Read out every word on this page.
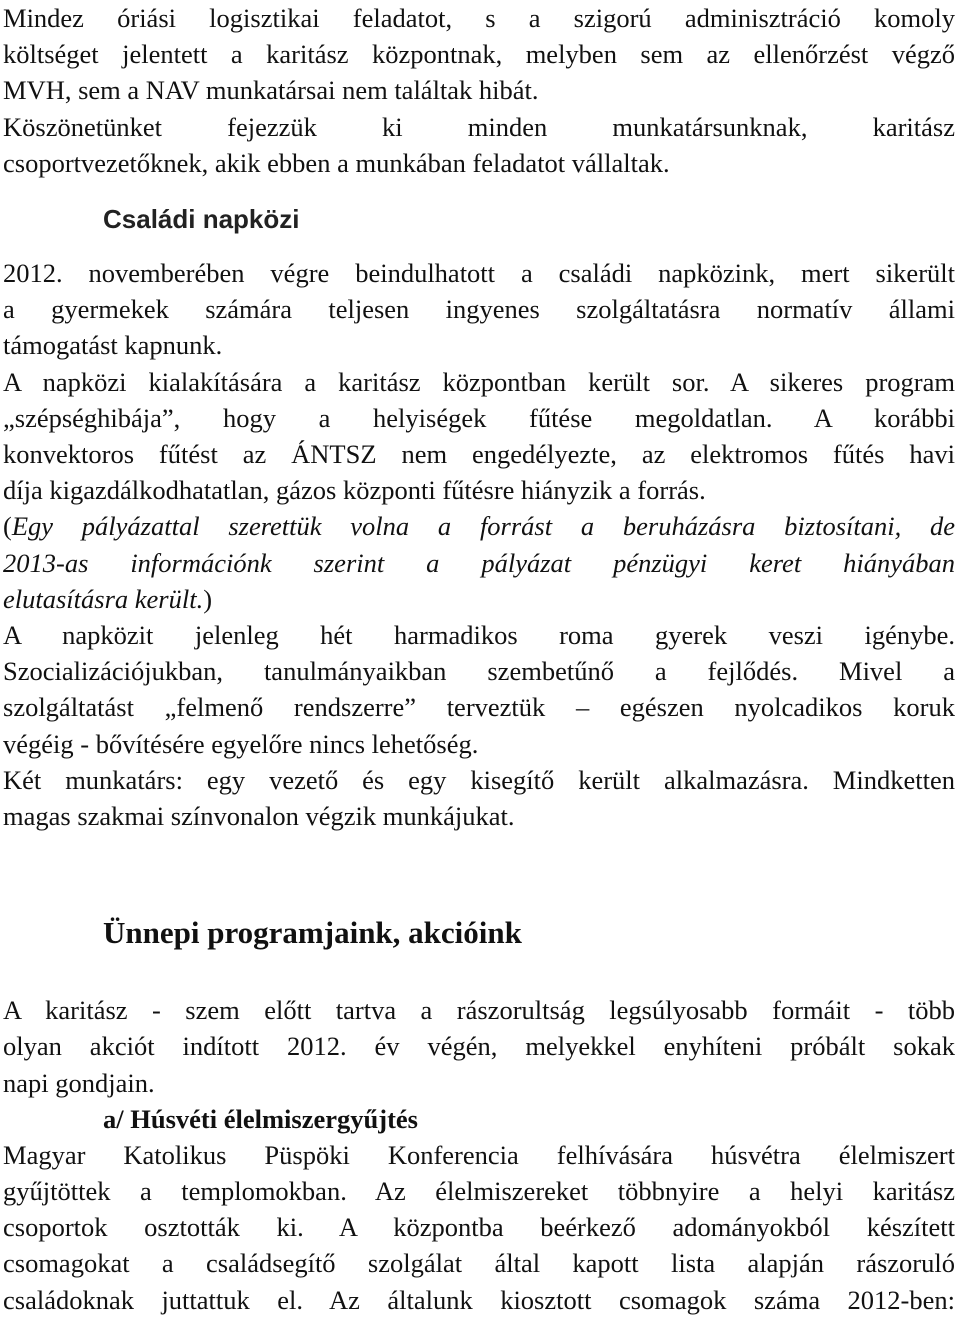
Mindez óriási logisztikai feladatot, s a szigorú adminisztráció komoly
költséget jelentett a karitász központnak, melyben sem az ellenőrzést végző
MVH, sem a NAV munkatársai nem találtak hibát.
Köszönetünket fejezzük ki minden munkatársunknak, karitász
csoportvezetőknek, akik ebben a munkában feladatot vállaltak.
Családi napközi
2012. novemberében végre beindulhatott a családi napközink, mert sikerült
a gyermekek számára teljesen ingyenes szolgáltatásra normatív állami
támogatást kapnunk.
A napközi kialakítására a karitász központban került sor. A sikeres program
„szépséghibája”, hogy a helyiségek fűtése megoldatlan. A korábbi
konvektoros fűtést az ÁNTSZ nem engedélyezte, az elektromos fűtés havi
díja kigazdálkodhatatlan, gázos központi fűtésre hiányzik a forrás.
(Egy pályázattal szerettük volna a forrást a beruházásra biztosítani, de
2013-as információnk szerint a pályázat pénzügyi keret hiányában
elutasításra került.)
A napközit jelenleg hét harmadikos roma gyerek veszi igénybe.
Szocializációjukban, tanulmányaikban szembetűnő a fejlődés. Mivel a
szolgáltatást „felmenő rendszerre” terveztük – egészen nyolcadikos koruk
végéig - bővítésére egyelőre nincs lehetőség.
Két munkatárs: egy vezető és egy kisegítő került alkalmazásra. Mindketten
magas szakmai színvonalon végzik munkájukat.
Ünnepi programjaink, akcióink
A karitász - szem előtt tartva a rászorultság legsúlyosabb formáit - több
olyan akciót indított 2012. év végén, melyekkel enyhíteni próbált sokak
napi gondjain.
a/ Húsvéti élelmiszergyűjtés
Magyar Katolikus Püspöki Konferencia felhívására húsvétra élelmiszert
gyűjtöttek a templomokban. Az élelmiszereket többnyire a helyi karitász
csoportok osztották ki. A központba beérkező adományokból készített
csomagokat a családsegítő szolgálat által kapott lista alapján rászoruló
családoknak juttattuk el. Az általunk kiosztott csomagok száma 2012-ben:
